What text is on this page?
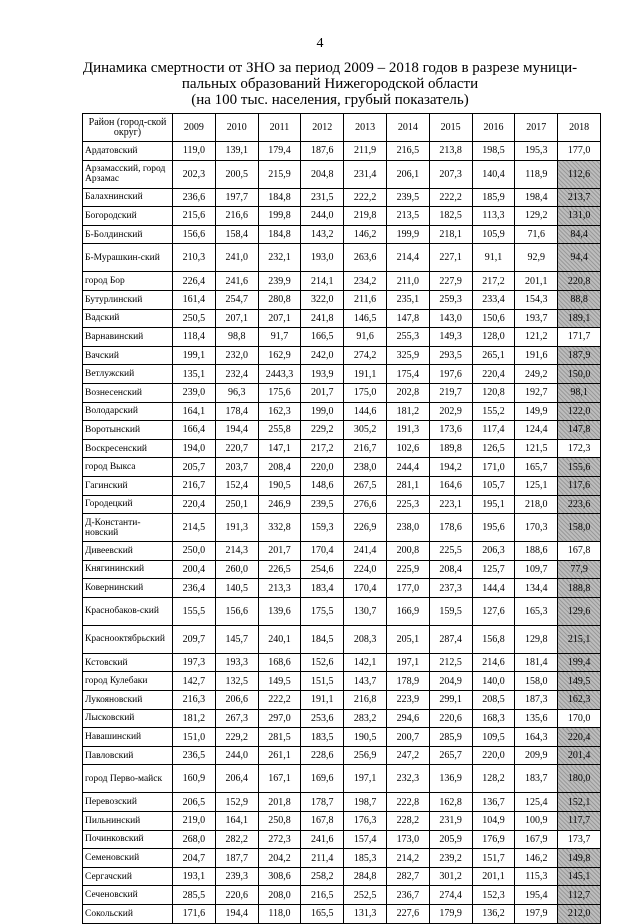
4
Динамика смертности от ЗНО за период 2009 – 2018 годов в разрезе муници-
пальных образований Нижегородской области
(на 100 тыс. населения, грубый показатель)
Район (город-ской округ)	2009	2010	2011	2012	2013	2014	2015	2016	2017	2018
Ардатовский	119,0	139,1	179,4	187,6	211,9	216,5	213,8	198,5	195,3	177,0
Арзамасский, город Арзамас	202,3	200,5	215,9	204,8	231,4	206,1	207,3	140,4	118,9	112,6
Балахнинский	236,6	197,7	184,8	231,5	222,2	239,5	222,2	185,9	198,4	213,7
Богородский	215,6	216,6	199,8	244,0	219,8	213,5	182,5	113,3	129,2	131,0
Б-Болдинский	156,6	158,4	184,8	143,2	146,2	199,9	218,1	105,9	71,6	84,4
Б-Мурашкин-ский	210,3	241,0	232,1	193,0	263,6	214,4	227,1	91,1	92,9	94,4
город Бор	226,4	241,6	239,9	214,1	234,2	211,0	227,9	217,2	201,1	220,8
Бутурлинский	161,4	254,7	280,8	322,0	211,6	235,1	259,3	233,4	154,3	88,8
Вадский	250,5	207,1	207,1	241,8	146,5	147,8	143,0	150,6	193,7	189,1
Варнавинский	118,4	98,8	91,7	166,5	91,6	255,3	149,3	128,0	121,2	171,7
Вачский	199,1	232,0	162,9	242,0	274,2	325,9	293,5	265,1	191,6	187,9
Ветлужский	135,1	232,4	2443,3	193,9	191,1	175,4	197,6	220,4	249,2	150,0
Вознесенский	239,0	96,3	175,6	201,7	175,0	202,8	219,7	120,8	192,7	98,1
Володарский	164,1	178,4	162,3	199,0	144,6	181,2	202,9	155,2	149,9	122,0
Воротынский	166,4	194,4	255,8	229,2	305,2	191,3	173,6	117,4	124,4	147,8
Воскресенский	194,0	220,7	147,1	217,2	216,7	102,6	189,8	126,5	121,5	172,3
город Выкса	205,7	203,7	208,4	220,0	238,0	244,4	194,2	171,0	165,7	155,6
Гагинский	216,7	152,4	190,5	148,6	267,5	281,1	164,6	105,7	125,1	117,6
Городецкий	220,4	250,1	246,9	239,5	276,6	225,3	223,1	195,1	218,0	223,6
Д-Константи-новский	214,5	191,3	332,8	159,3	226,9	238,0	178,6	195,6	170,3	158,0
Дивеевский	250,0	214,3	201,7	170,4	241,4	200,8	225,5	206,3	188,6	167,8
Княгининский	200,4	260,0	226,5	254,6	224,0	225,9	208,4	125,7	109,7	77,9
Ковернинский	236,4	140,5	213,3	183,4	170,4	177,0	237,3	144,4	134,4	188,8
Краснобаков-ский	155,5	156,6	139,6	175,5	130,7	166,9	159,5	127,6	165,3	129,6
Краснооктябрьский	209,7	145,7	240,1	184,5	208,3	205,1	287,4	156,8	129,8	215,1
Кстовский	197,3	193,3	168,6	152,6	142,1	197,1	212,5	214,6	181,4	199,4
город Кулебаки	142,7	132,5	149,5	151,5	143,7	178,9	204,9	140,0	158,0	149,5
Лукояновский	216,3	206,6	222,2	191,1	216,8	223,9	299,1	208,5	187,3	162,3
Лысковский	181,2	267,3	297,0	253,6	283,2	294,6	220,6	168,3	135,6	170,0
Навашинский	151,0	229,2	281,5	183,5	190,5	200,7	285,9	109,5	164,3	220,4
Павловский	236,5	244,0	261,1	228,6	256,9	247,2	265,7	220,0	209,9	201,4
город Перво-майск	160,9	206,4	167,1	169,6	197,1	232,3	136,9	128,2	183,7	180,0
Перевозский	206,5	152,9	201,8	178,7	198,7	222,8	162,8	136,7	125,4	152,1
Пильнинский	219,0	164,1	250,8	167,8	176,3	228,2	231,9	104,9	100,9	117,7
Починковский	268,0	282,2	272,3	241,6	157,4	173,0	205,9	176,9	167,9	173,7
Семеновский	204,7	187,7	204,2	211,4	185,3	214,2	239,2	151,7	146,2	149,8
Сергачский	193,1	239,3	308,6	258,2	284,8	282,7	301,2	201,1	115,3	145,1
Сеченовский	285,5	220,6	208,0	216,5	252,5	236,7	274,4	152,3	195,4	112,7
Сокольский	171,6	194,4	118,0	165,5	131,3	227,6	179,9	136,2	197,9	212,0
